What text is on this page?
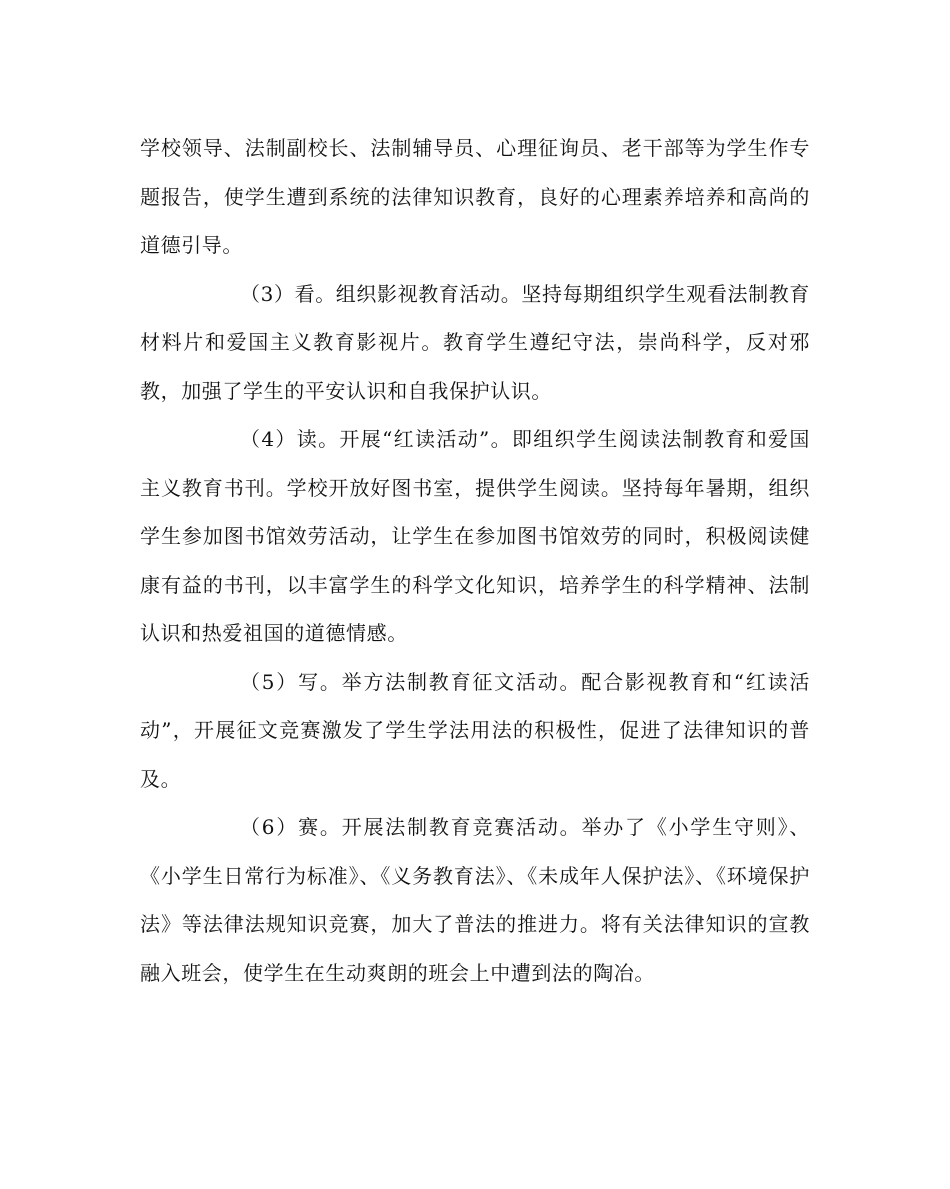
学校领导、法制副校长、法制辅导员、心理征询员、老干部等为学生作专题报告，使学生遭到系统的法律知识教育，良好的心理素养培养和高尚的道德引导。

（3）看。组织影视教育活动。坚持每期组织学生观看法制教育材料片和爱国主义教育影视片。教育学生遵纪守法，崇尚科学，反对邪教，加强了学生的平安认识和自我保护认识。

（4）读。开展“红读活动”。即组织学生阅读法制教育和爱国主义教育书刊。学校开放好图书室，提供学生阅读。坚持每年暑期，组织学生参加图书馆效劳活动，让学生在参加图书馆效劳的同时，积极阅读健康有益的书刊，以丰富学生的科学文化知识，培养学生的科学精神、法制认识和热爱祖国的道德情感。

（5）写。举方法制教育征文活动。配合影视教育和“红读活动”，开展征文竞赛激发了学生学法用法的积极性，促进了法律知识的普及。

（6）赛。开展法制教育竞赛活动。举办了《小学生守则》、《小学生日常行为标准》、《义务教育法》、《未成年人保护法》、《环境保护法》等法律法规知识竞赛，加大了普法的推进力。将有关法律知识的宣教融入班会，使学生在生动爽朗的班会上中遭到法的陶冶。
